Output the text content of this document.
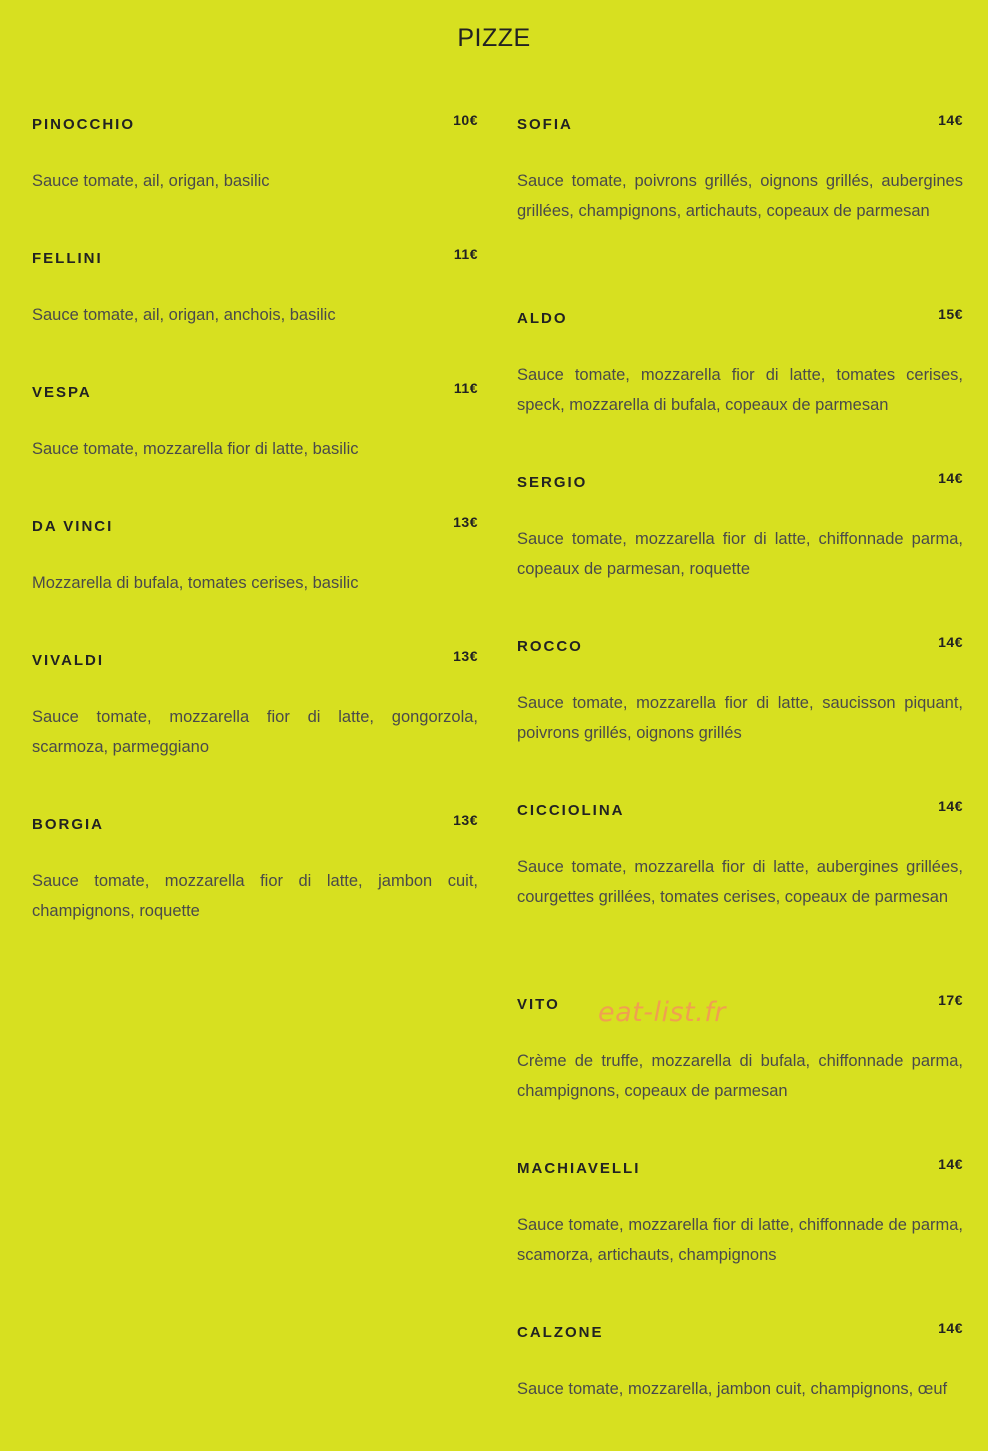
PIZZE
PINOCCHIO	10€
Sauce tomate, ail, origan, basilic
FELLINI	11€
Sauce tomate, ail, origan, anchois, basilic
VESPA	11€
Sauce tomate, mozzarella fior di latte, basilic
DA VINCI	13€
Mozzarella di bufala, tomates cerises, basilic
VIVALDI	13€
Sauce tomate, mozzarella fior di latte, gongorzola, scarmoza, parmeggiano
BORGIA	13€
Sauce tomate, mozzarella fior di latte, jambon cuit, champignons, roquette
SOFIA	14€
Sauce tomate, poivrons grillés, oignons grillés, aubergines grillées, champignons, artichauts, copeaux de parmesan
ALDO	15€
Sauce tomate, mozzarella fior di latte, tomates cerises, speck, mozzarella di bufala, copeaux de parmesan
SERGIO	14€
Sauce tomate, mozzarella fior di latte, chiffonnade parma, copeaux de parmesan, roquette
ROCCO	14€
Sauce tomate, mozzarella fior di latte, saucisson piquant, poivrons grillés, oignons grillés
CICCIOLINA	14€
Sauce tomate, mozzarella fior di latte, aubergines grillées, courgettes grillées, tomates cerises, copeaux de parmesan
VITO	17€
Crème de truffe, mozzarella di bufala, chiffonnade parma, champignons, copeaux de parmesan
MACHIAVELLI	14€
Sauce tomate, mozzarella fior di latte, chiffonnade de parma, scamorza, artichauts, champignons
CALZONE	14€
Sauce tomate, mozzarella, jambon cuit, champignons, œuf
eat-list.fr
